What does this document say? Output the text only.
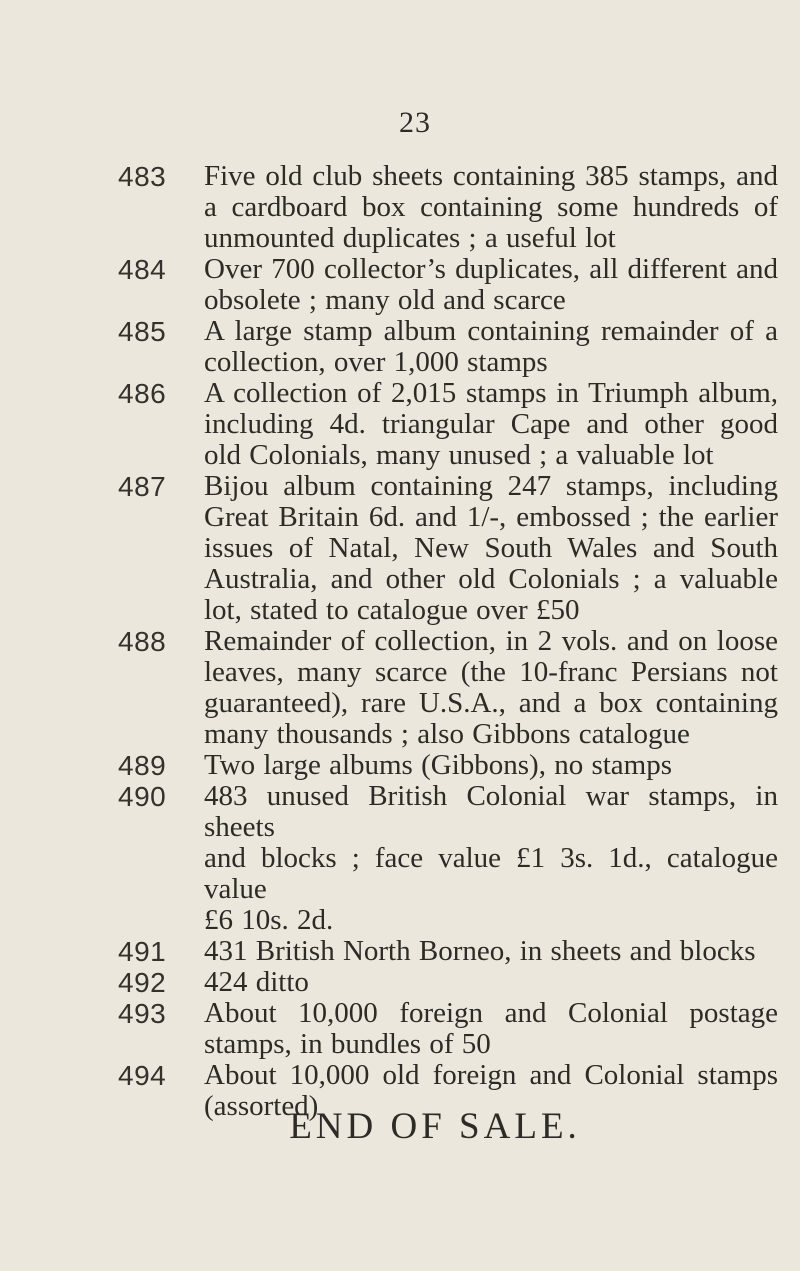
23
483 Five old club sheets containing 385 stamps, and
a cardboard box containing some hundreds of
unmounted duplicates ; a useful lot
484 Over 700 collector’s duplicates, all different and
obsolete ; many old and scarce
485 A large stamp album containing remainder of a
collection, over 1,000 stamps
486 A collection of 2,015 stamps in Triumph album,
including 4d. triangular Cape and other good
old Colonials, many unused ; a valuable lot
487 Bijou album containing 247 stamps, including
Great Britain 6d. and 1/-, embossed ; the earlier
issues of Natal, New South Wales and South
Australia, and other old Colonials ; a valuable
lot, stated to catalogue over £50
488 Remainder of collection, in 2 vols. and on loose
leaves, many scarce (the 10-franc Persians not
guaranteed), rare U.S.A., and a box containing
many thousands ; also Gibbons catalogue
489 Two large albums (Gibbons), no stamps
490 483 unused British Colonial war stamps, in sheets
and blocks ; face value £1 3s. 1d., catalogue value
£6 10s. 2d.
491 431 British North Borneo, in sheets and blocks
492 424 ditto
493 About 10,000 foreign and Colonial postage
stamps, in bundles of 50
494 About 10,000 old foreign and Colonial stamps
(assorted)
END OF SALE.
